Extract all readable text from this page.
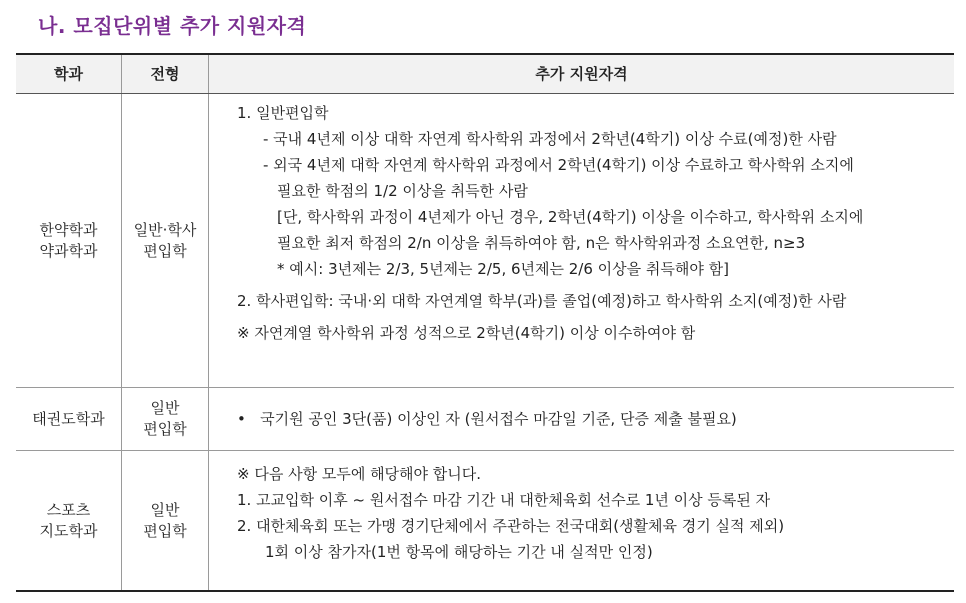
나. 모집단위별 추가 지원자격
학과	전형	추가 지원자격
한약학과
약과학과
일반·학사
편입학
1. 일반편입학
- 국내 4년제 이상 대학 자연계 학사학위 과정에서 2학년(4학기) 이상 수료(예정)한 사람
- 외국 4년제 대학 자연계 학사학위 과정에서 2학년(4학기) 이상 수료하고 학사학위 소지에
필요한 학점의 1/2 이상을 취득한 사람
[단, 학사학위 과정이 4년제가 아닌 경우, 2학년(4학기) 이상을 이수하고, 학사학위 소지에
필요한 최저 학점의 2/n 이상을 취득하여야 함, n은 학사학위과정 소요연한, n≥3
* 예시: 3년제는 2/3, 5년제는 2/5, 6년제는 2/6 이상을 취득해야 함]
2. 학사편입학: 국내·외 대학 자연계열 학부(과)를 졸업(예정)하고 학사학위 소지(예정)한 사람
※ 자연계열 학사학위 과정 성적으로 2학년(4학기) 이상 이수하여야 함
태권도학과
일반
편입학
•   국기원 공인 3단(품) 이상인 자 (원서접수 마감일 기준, 단증 제출 불필요)
스포츠
지도학과
일반
편입학
※ 다음 사항 모두에 해당해야 합니다.
1. 고교입학 이후 ~ 원서접수 마감 기간 내 대한체육회 선수로 1년 이상 등록된 자
2. 대한체육회 또는 가맹 경기단체에서 주관하는 전국대회(생활체육 경기 실적 제외)
1회 이상 참가자(1번 항목에 해당하는 기간 내 실적만 인정)
